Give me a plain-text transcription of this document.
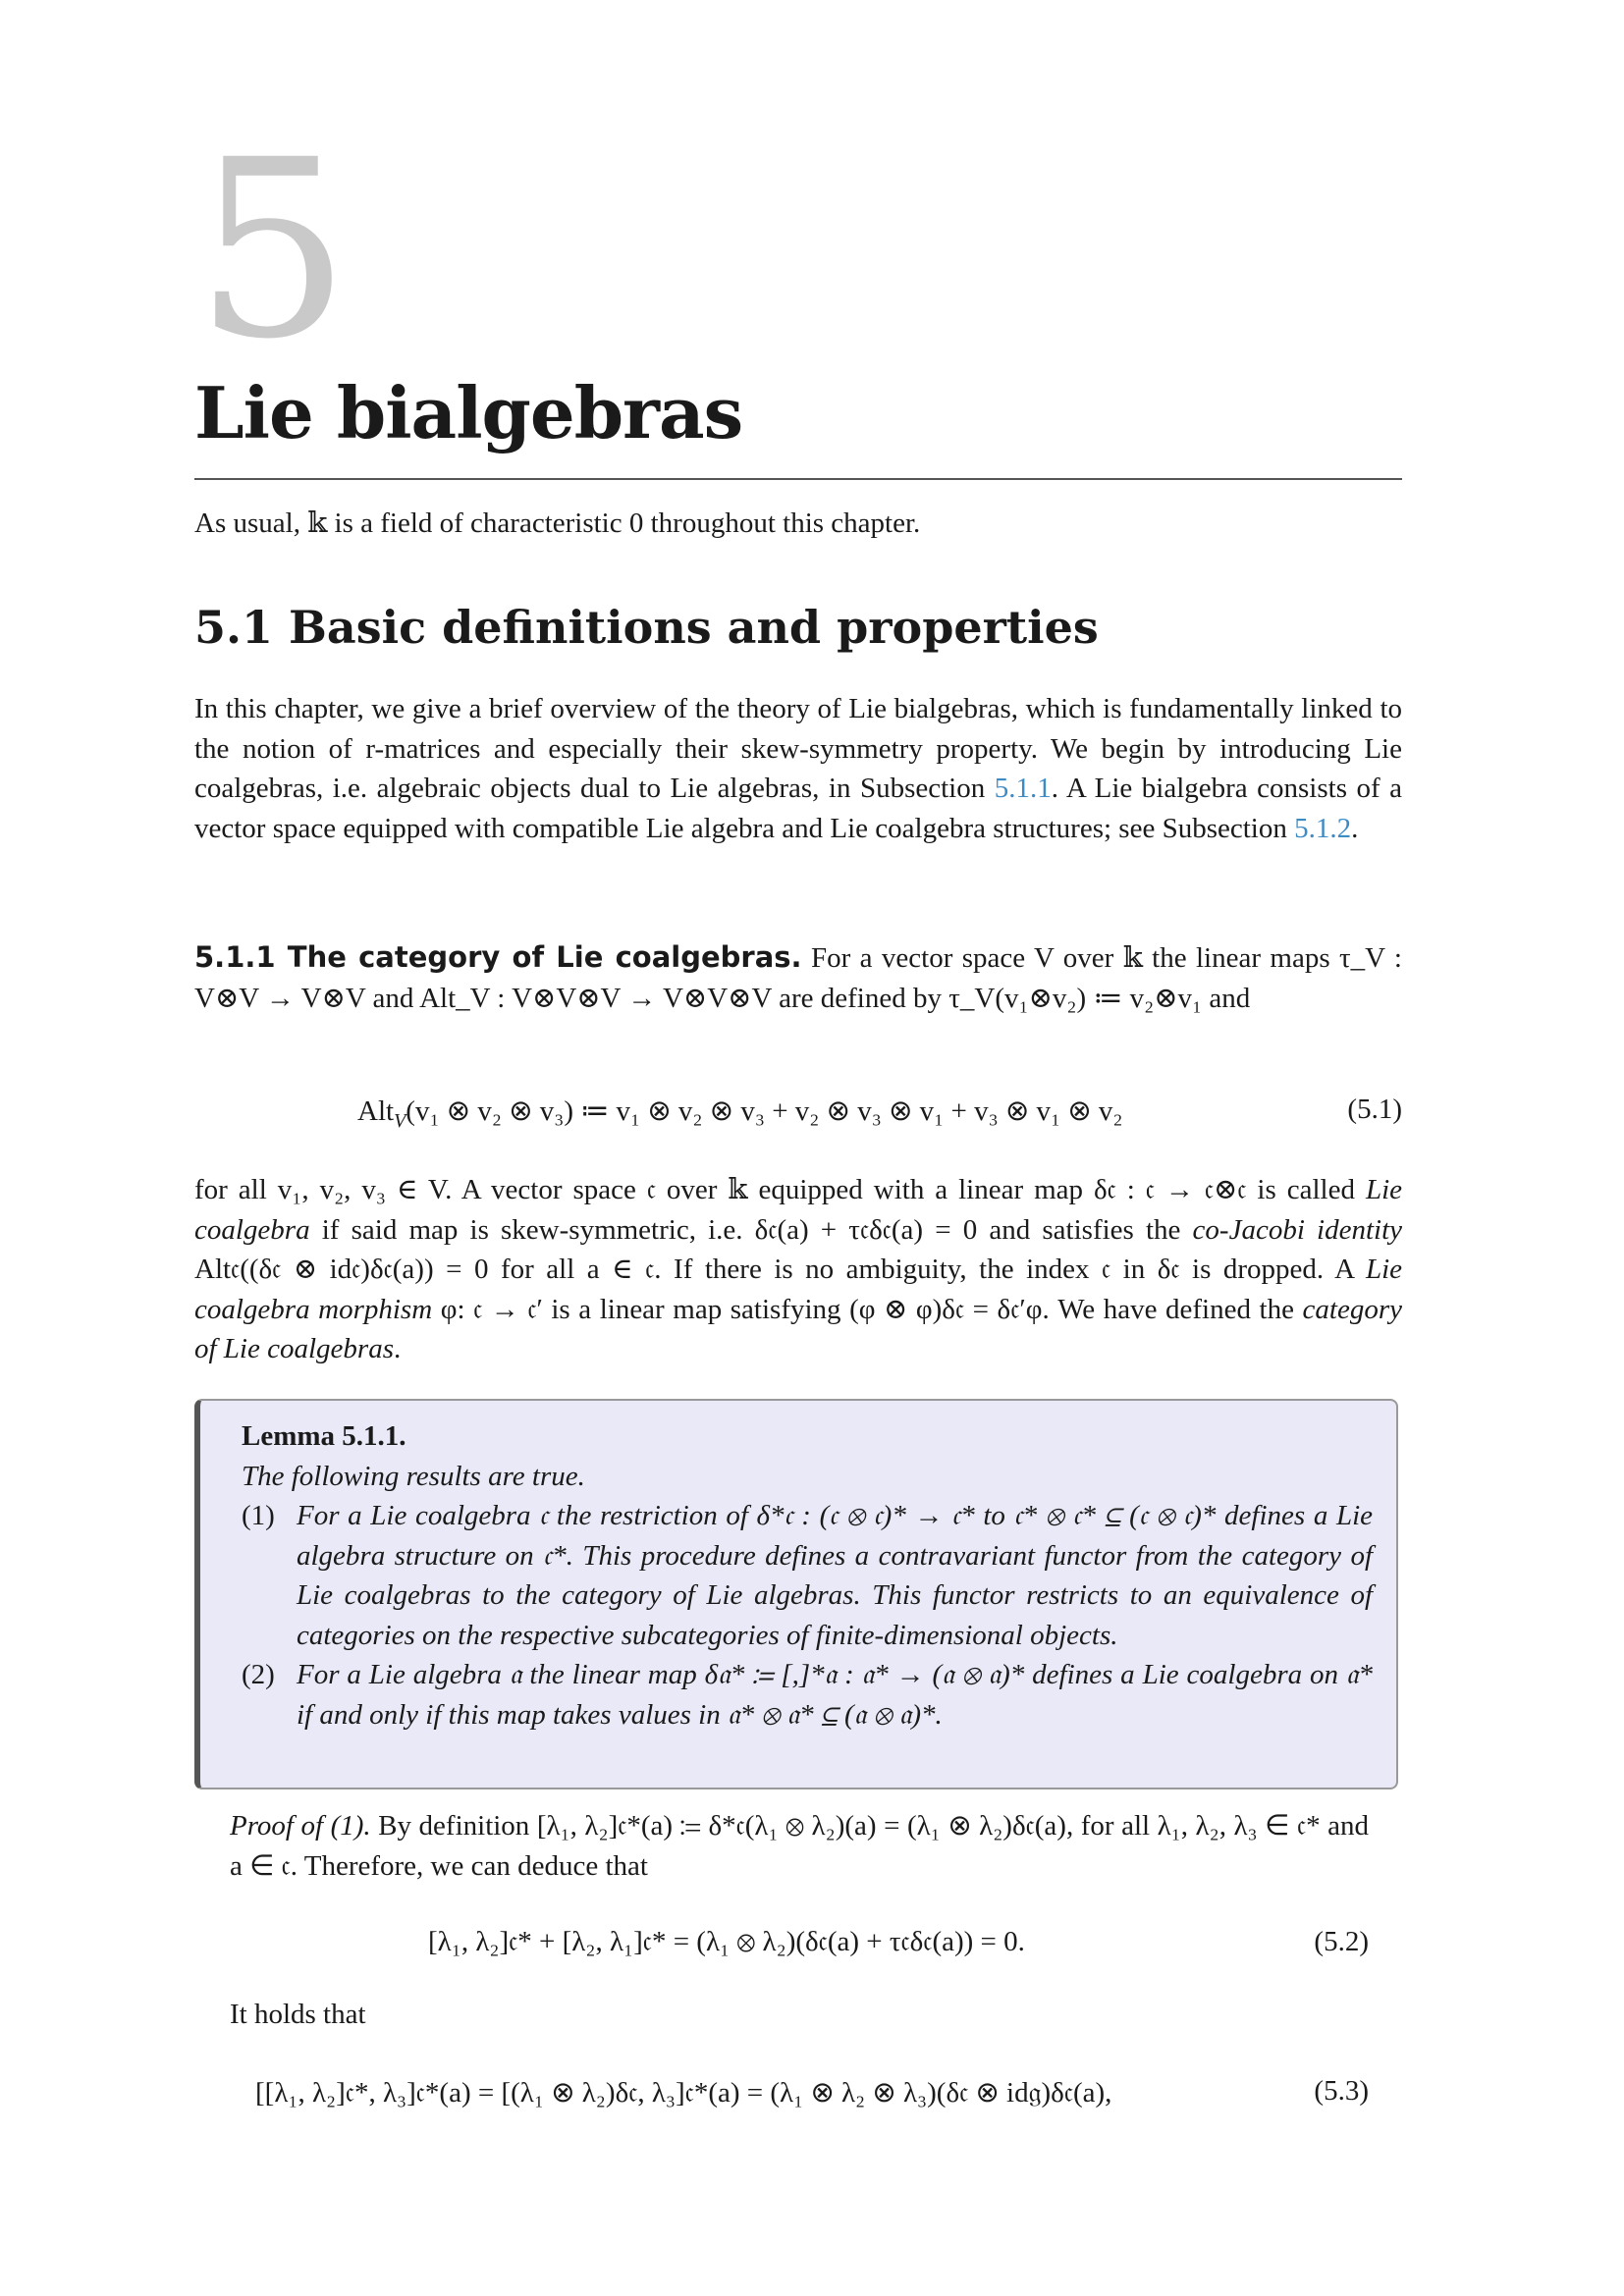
5
Lie bialgebras

As usual, 𝕜 is a field of characteristic 0 throughout this chapter.

5.1 Basic definitions and properties

In this chapter, we give a brief overview of the theory of Lie bialgebras, which is fundamentally linked to the notion of r-matrices and especially their skew-symmetry property. We begin by introducing Lie coalgebras, i.e. algebraic objects dual to Lie algebras, in Subsection 5.1.1. A Lie bialgebra consists of a vector space equipped with compatible Lie algebra and Lie coalgebra structures; see Subsection 5.1.2.

5.1.1 The category of Lie coalgebras. For a vector space V over 𝕜 the linear maps τ_V : V⊗V → V⊗V and Alt_V : V⊗V⊗V → V⊗V⊗V are defined by τ_V(v₁⊗v₂) ≔ v₂⊗v₁ and

Alt$_V$(v₁ ⊗ v₂ ⊗ v₃) ≔ v₁ ⊗ v₂ ⊗ v₃ + v₂ ⊗ v₃ ⊗ v₁ + v₃ ⊗ v₁ ⊗ v₂	(5.1)

for all v₁, v₂, v₃ ∈ V. A vector space 𝔠 over 𝕜 equipped with a linear map δ𝔠 : 𝔠 → 𝔠⊗𝔠 is called Lie coalgebra if said map is skew-symmetric, i.e. δ𝔠(a) + τ𝔠δ𝔠(a) = 0 and satisfies the co-Jacobi identity Alt𝔠((δ𝔠 ⊗ id𝔠)δ𝔠(a)) = 0 for all a ∈ 𝔠. If there is no ambiguity, the index 𝔠 in δ𝔠 is dropped. A Lie coalgebra morphism φ: 𝔠 → 𝔠′ is a linear map satisfying (φ ⊗ φ)δ𝔠 = δ𝔠′φ. We have defined the category of Lie coalgebras.

Lemma 5.1.1.
The following results are true.
(1) For a Lie coalgebra 𝔠 the restriction of δ*𝔠 : (𝔠 ⊗ 𝔠)* → 𝔠* to 𝔠* ⊗ 𝔠* ⊆ (𝔠 ⊗ 𝔠)* defines a Lie algebra structure on 𝔠*. This procedure defines a contravariant functor from the category of Lie coalgebras to the category of Lie algebras. This functor restricts to an equivalence of categories on the respective subcategories of finite-dimensional objects.
(2) For a Lie algebra 𝔞 the linear map δ𝔞* ≔ [,]*𝔞 : 𝔞* → (𝔞 ⊗ 𝔞)* defines a Lie coalgebra on 𝔞* if and only if this map takes values in 𝔞* ⊗ 𝔞* ⊆ (𝔞 ⊗ 𝔞)*.
Proof of (1). By definition [λ₁, λ₂]𝔠*(a) ≔ δ*𝔠(λ₁ ⊗ λ₂)(a) = (λ₁ ⊗ λ₂)δ𝔠(a), for all λ₁, λ₂, λ₃ ∈ 𝔠* and a ∈ 𝔠. Therefore, we can deduce that
[λ₁, λ₂]𝔠* + [λ₂, λ₁]𝔠* = (λ₁ ⊗ λ₂)(δ𝔠(a) + τ𝔠δ𝔠(a)) = 0.	(5.2)

It holds that

[[λ₁, λ₂]𝔠*, λ₃]𝔠*(a) = [(λ₁ ⊗ λ₂)δ𝔠, λ₃]𝔠*(a) = (λ₁ ⊗ λ₂ ⊗ λ₃)(δ𝔠 ⊗ id𝔤)δ𝔠(a),	(5.3)
